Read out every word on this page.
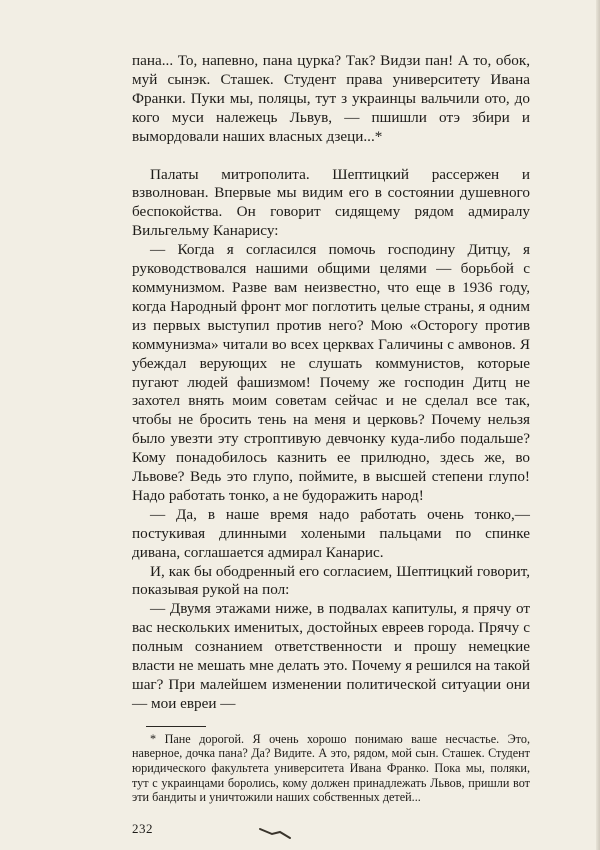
пана... То, напевно, пана цурка? Так? Видзи пан! А то, обок, муй сынэк. Сташек. Студент права университету Ивана Франки. Пуки мы, поляцы, тут з украинцы вальчили ото, до кого муси належець Львув, — пшишли отэ збири и вымордовали наших власных дзеци...*

Палаты митрополита. Шептицкий рассержен и взволнован. Впервые мы видим его в состоянии душевного беспокойства. Он говорит сидящему рядом адмиралу Вильгельму Канарису:

— Когда я согласился помочь господину Дитцу, я руководствовался нашими общими целями — борьбой с коммунизмом. Разве вам неизвестно, что еще в 1936 году, когда Народный фронт мог поглотить целые страны, я одним из первых выступил против него? Мою «Осторогу против коммунизма» читали во всех церквах Галичины с амвонов. Я убеждал верующих не слушать коммунистов, которые пугают людей фашизмом! Почему же господин Дитц не захотел внять моим советам сейчас и не сделал все так, чтобы не бросить тень на меня и церковь? Почему нельзя было увезти эту строптивую девчонку куда-либо подальше? Кому понадобилось казнить ее прилюдно, здесь же, во Львове? Ведь это глупо, поймите, в высшей степени глупо! Надо работать тонко, а не будоражить народ!

— Да, в наше время надо работать очень тонко,— постукивая длинными холеными пальцами по спинке дивана, соглашается адмирал Канарис.

И, как бы ободренный его согласием, Шептицкий говорит, показывая рукой на пол:

— Двумя этажами ниже, в подвалах капитулы, я прячу от вас нескольких именитых, достойных евреев города. Прячу с полным сознанием ответственности и прошу немецкие власти не мешать мне делать это. Почему я решился на такой шаг? При малейшем изменении политической ситуации они — мои евреи —

* Пане дорогой. Я очень хорошо понимаю ваше несчастье. Это, наверное, дочка пана? Да? Видите. А это, рядом, мой сын. Сташек. Студент юридического факультета университета Ивана Франко. Пока мы, поляки, тут с украинцами боролись, кому должен принадлежать Львов, пришли вот эти бандиты и уничтожили наших собственных детей...

232
